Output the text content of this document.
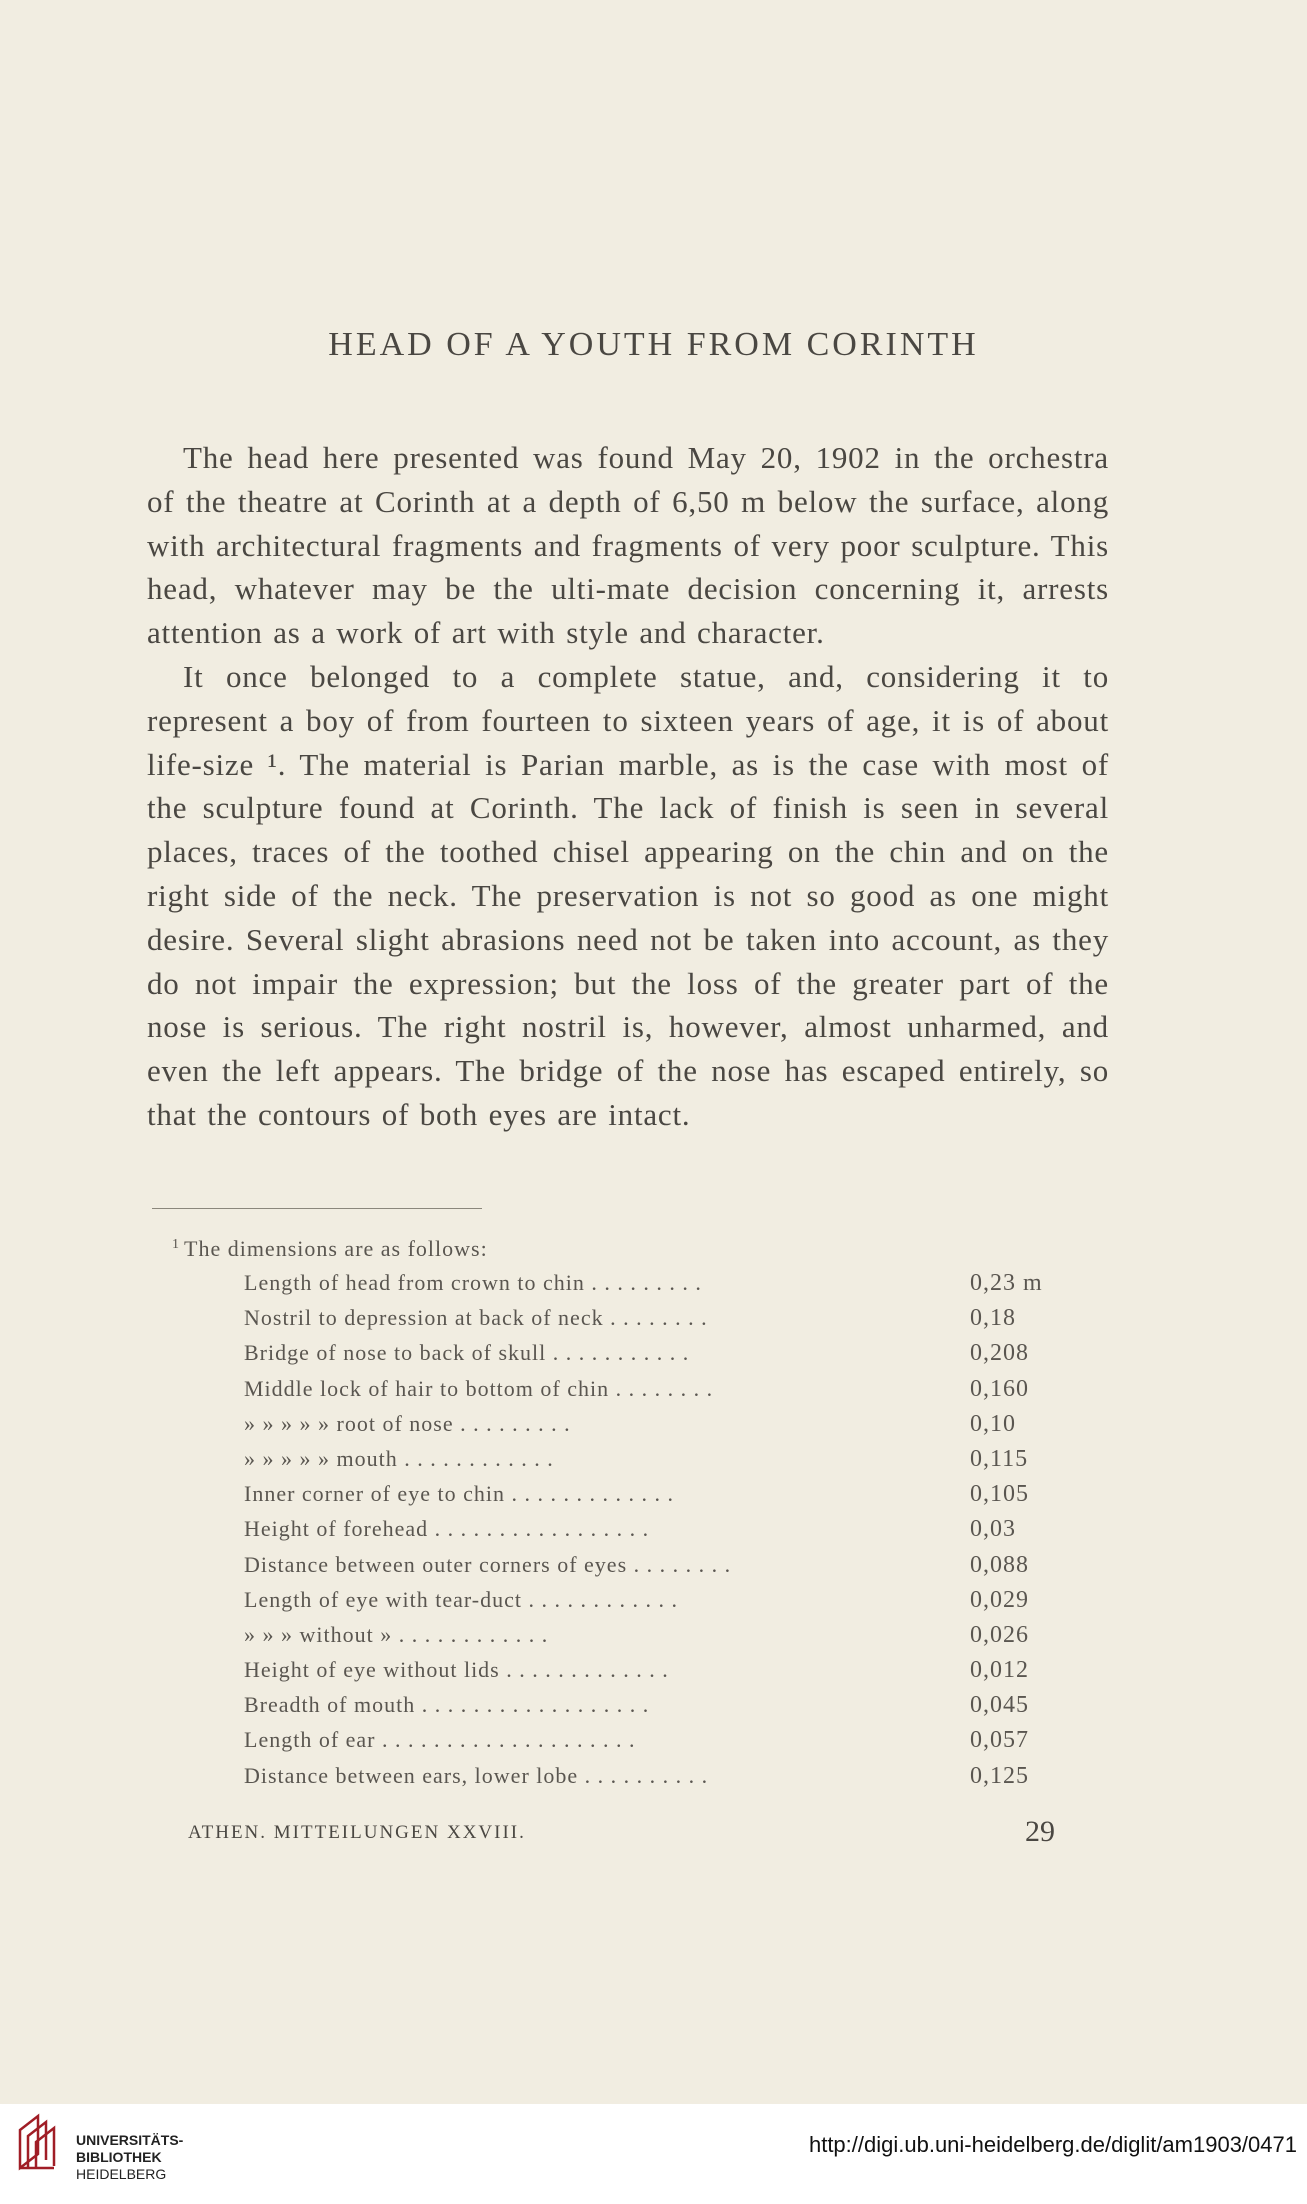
HEAD OF A YOUTH FROM CORINTH

The head here presented was found May 20, 1902 in the orchestra of the theatre at Corinth at a depth of 6,50 m below the surface, along with architectural fragments and fragments of very poor sculpture. This head, whatever may be the ulti-mate decision concerning it, arrests attention as a work of art with style and character.

It once belonged to a complete statue, and, considering it to represent a boy of from fourteen to sixteen years of age, it is of about life-size ¹. The material is Parian marble, as is the case with most of the sculpture found at Corinth. The lack of finish is seen in several places, traces of the toothed chisel appearing on the chin and on the right side of the neck. The preservation is not so good as one might desire. Several slight abrasions need not be taken into account, as they do not impair the expression; but the loss of the greater part of the nose is serious. The right nostril is, however, almost unharmed, and even the left appears. The bridge of the nose has escaped entirely, so that the contours of both eyes are intact.

$^1$ The dimensions are as follows:
Length of head from crown to chin . . . . . . . . .	0,23 m
Nostril to depression at back of neck . . . . . . . .	0,18
Bridge of nose to back of skull . . . . . . . . . . .	0,208
Middle lock of hair to bottom of chin . . . . . . . .	0,160
» » » » » root of nose . . . . . . . . .	0,10
» » » » » mouth . . . . . . . . . . . .	0,115
Inner corner of eye to chin . . . . . . . . . . . . .	0,105
Height of forehead . . . . . . . . . . . . . . . . .	0,03
Distance between outer corners of eyes . . . . . . . .	0,088
Length of eye with tear-duct . . . . . . . . . . . .	0,029
» » » without » . . . . . . . . . . . .	0,026
Height of eye without lids . . . . . . . . . . . . .	0,012
Breadth of mouth . . . . . . . . . . . . . . . . . .	0,045
Length of ear . . . . . . . . . . . . . . . . . . . .	0,057
Distance between ears, lower lobe . . . . . . . . . .	0,125
ATHEN. MITTEILUNGEN XXVIII.	29
UNIVERSITÄTS-
BIBLIOTHEK
HEIDELBERG
http://digi.ub.uni-heidelberg.de/diglit/am1903/0471
